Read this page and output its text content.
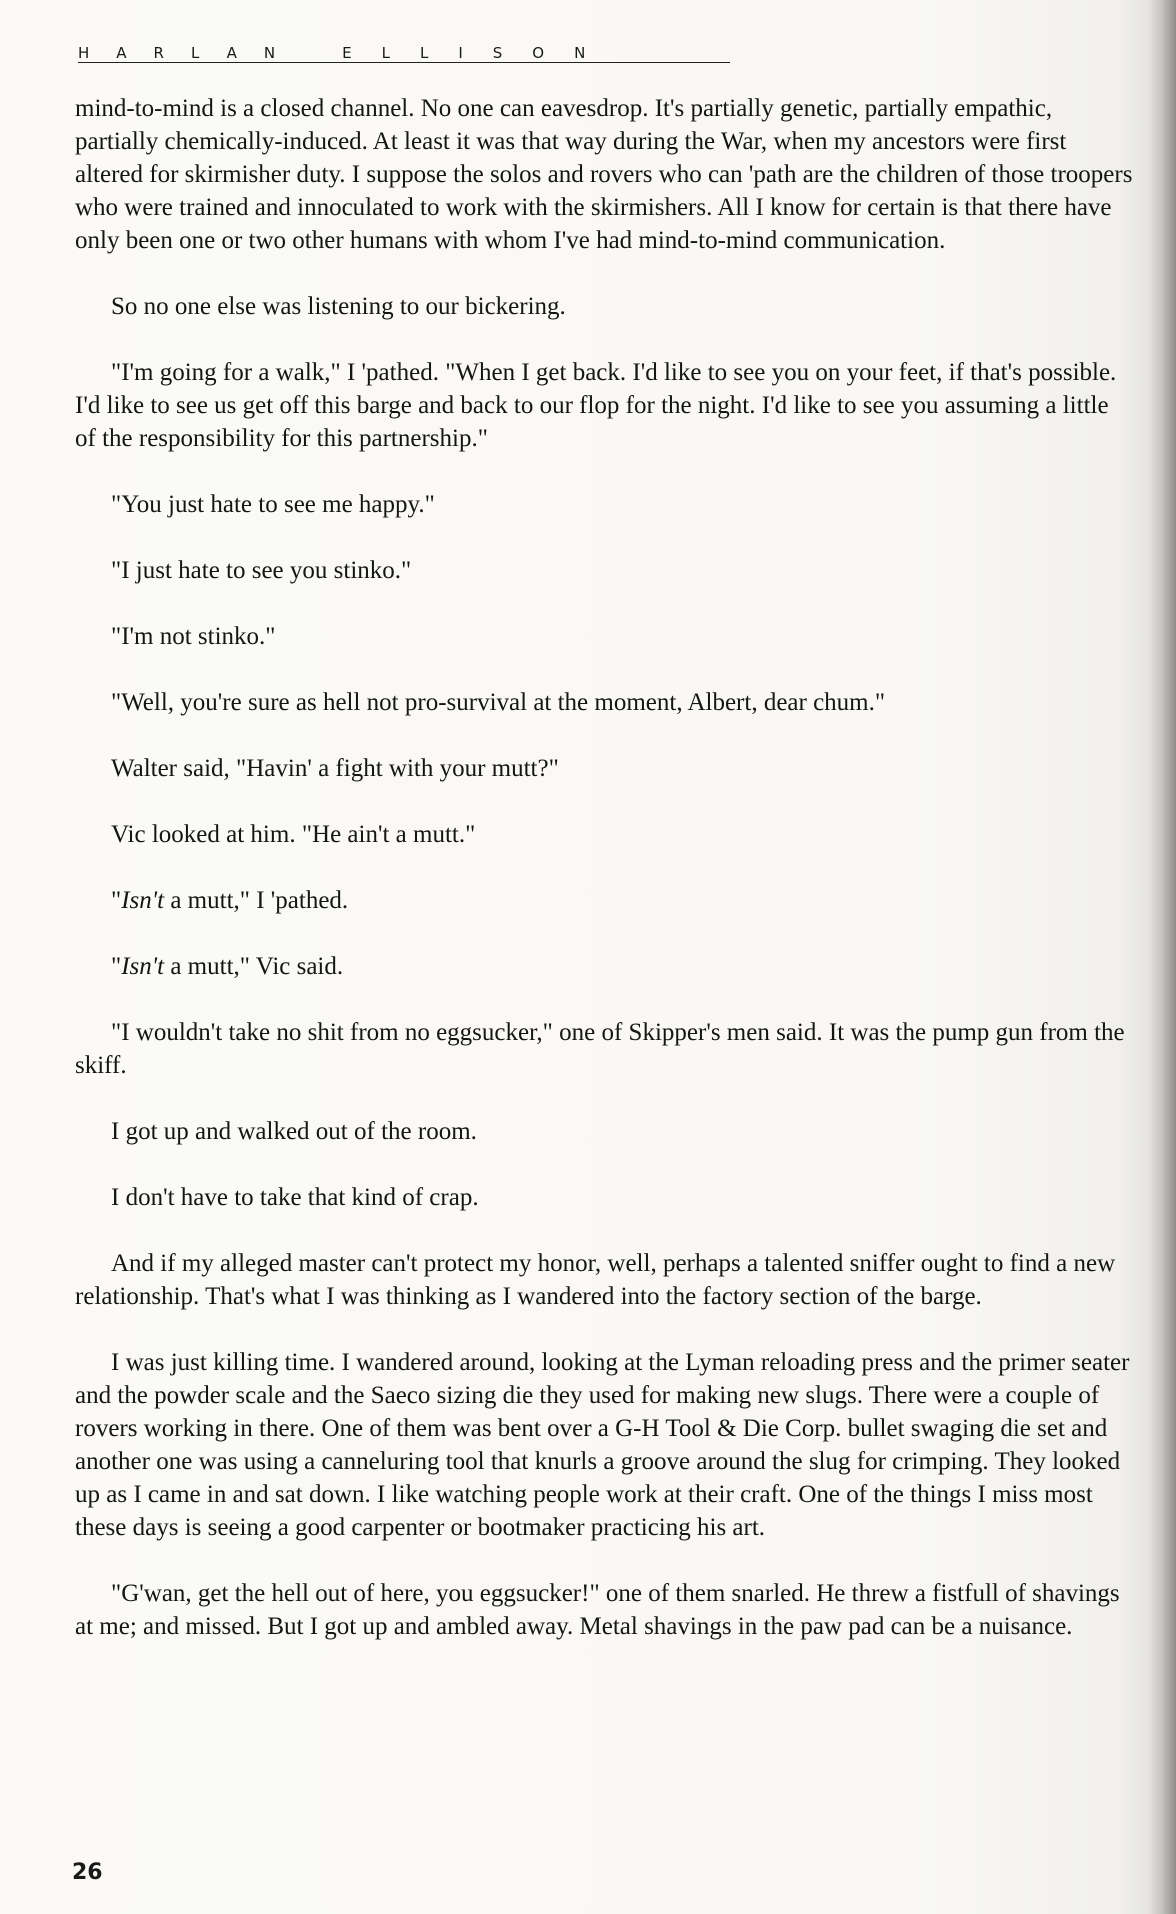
HARLAN	ELLISON

mind-to-mind is a closed channel. No one can eavesdrop. It's partially genetic, partially empathic, partially chemically-induced. At least it was that way during the War, when my ancestors were first altered for skirmisher duty. I suppose the solos and rovers who can 'path are the children of those troopers who were trained and innoculated to work with the skirmishers. All I know for certain is that there have only been one or two other humans with whom I've had mind-to-mind communication.

So no one else was listening to our bickering.

"I'm going for a walk," I 'pathed. "When I get back. I'd like to see you on your feet, if that's possible. I'd like to see us get off this barge and back to our flop for the night. I'd like to see you assuming a little of the responsibility for this partnership."

"You just hate to see me happy."

"I just hate to see you stinko."

"I'm not stinko."

"Well, you're sure as hell not pro-survival at the moment, Albert, dear chum."

Walter said, "Havin' a fight with your mutt?"

Vic looked at him. "He ain't a mutt."

"Isn't a mutt," I 'pathed.

"Isn't a mutt," Vic said.

"I wouldn't take no shit from no eggsucker," one of Skipper's men said. It was the pump gun from the skiff.

I got up and walked out of the room.

I don't have to take that kind of crap.

And if my alleged master can't protect my honor, well, perhaps a talented sniffer ought to find a new relationship. That's what I was thinking as I wandered into the factory section of the barge.

I was just killing time. I wandered around, looking at the Lyman reloading press and the primer seater and the powder scale and the Saeco sizing die they used for making new slugs. There were a couple of rovers working in there. One of them was bent over a G-H Tool & Die Corp. bullet swaging die set and another one was using a canneluring tool that knurls a groove around the slug for crimping. They looked up as I came in and sat down. I like watching people work at their craft. One of the things I miss most these days is seeing a good carpenter or bootmaker practicing his art.

"G'wan, get the hell out of here, you eggsucker!" one of them snarled. He threw a fistfull of shavings at me; and missed. But I got up and ambled away. Metal shavings in the paw pad can be a nuisance.

26
